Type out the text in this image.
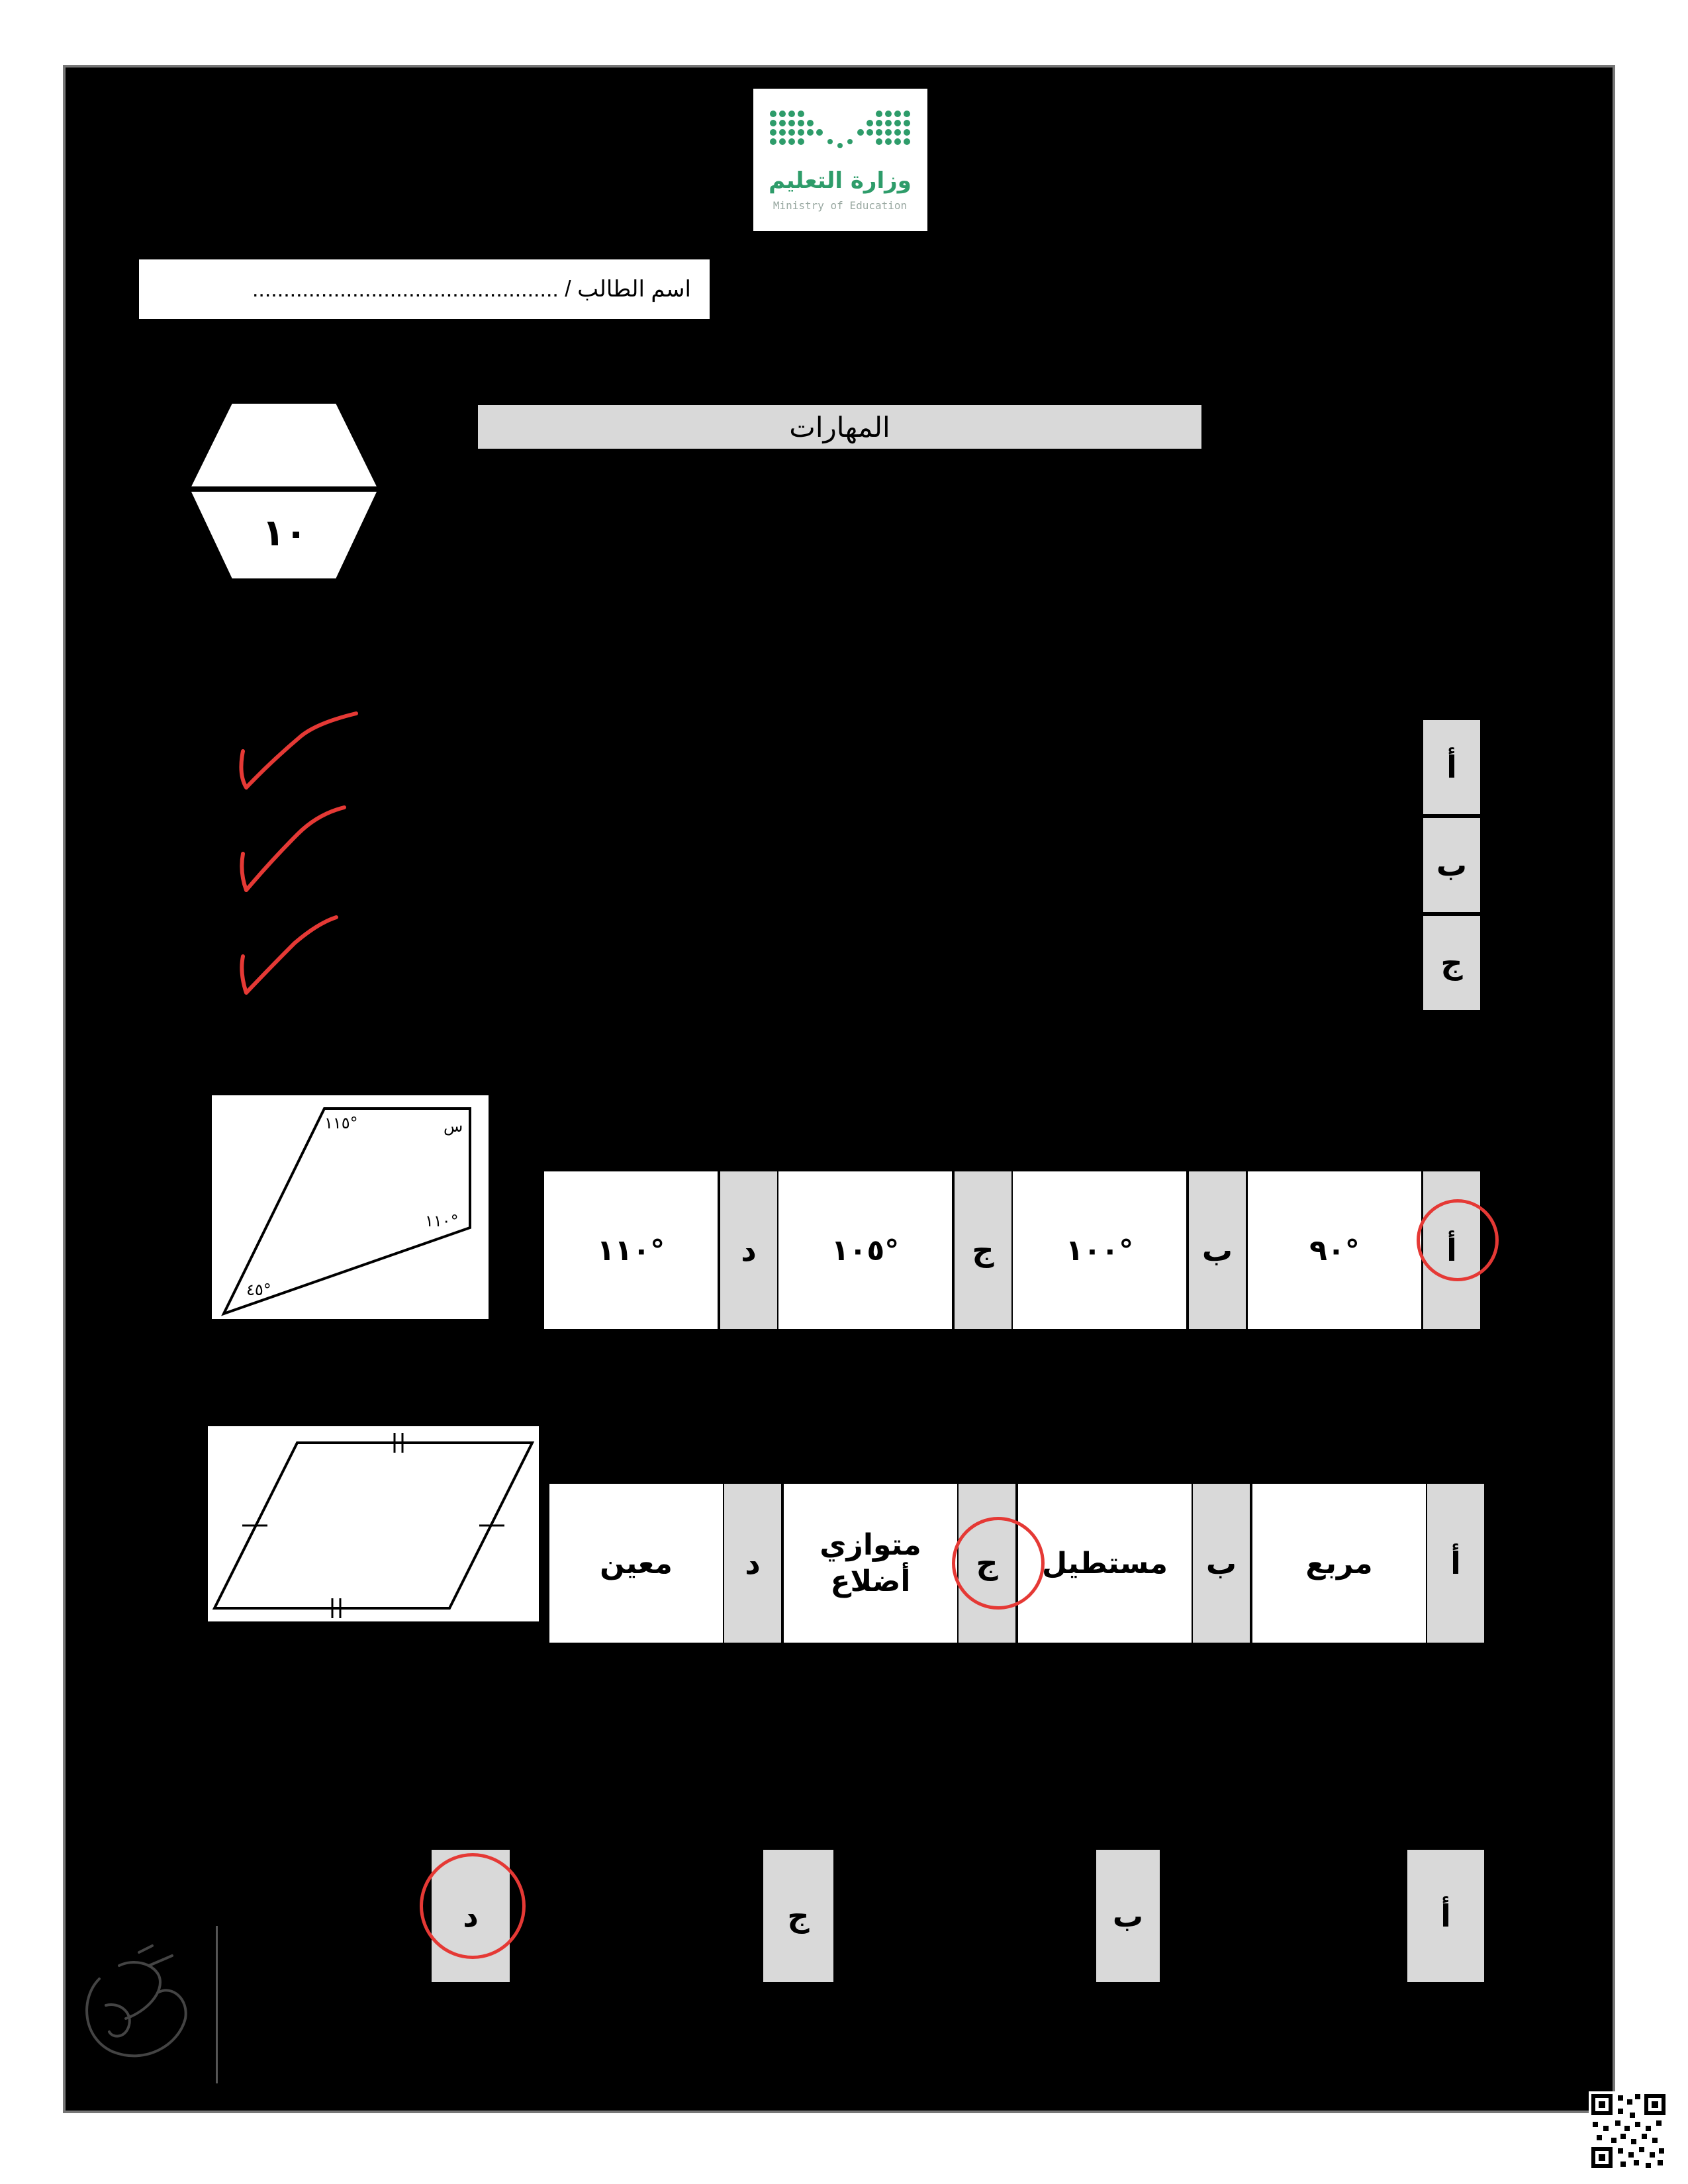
وزارة التعليم
Ministry of Education
اسم الطالب / .................................................
المهارات
١٠
أ
ب
ج
س
١١٥°
١١٠°
٤٥°
أ
٩٠°
ب
١٠٠°
ج
١٠٥°
د
١١٠°
أ
مربع
ب
مستطيل
ج
متوازي أضلاع
د
معين
أ
ب
ج
د
